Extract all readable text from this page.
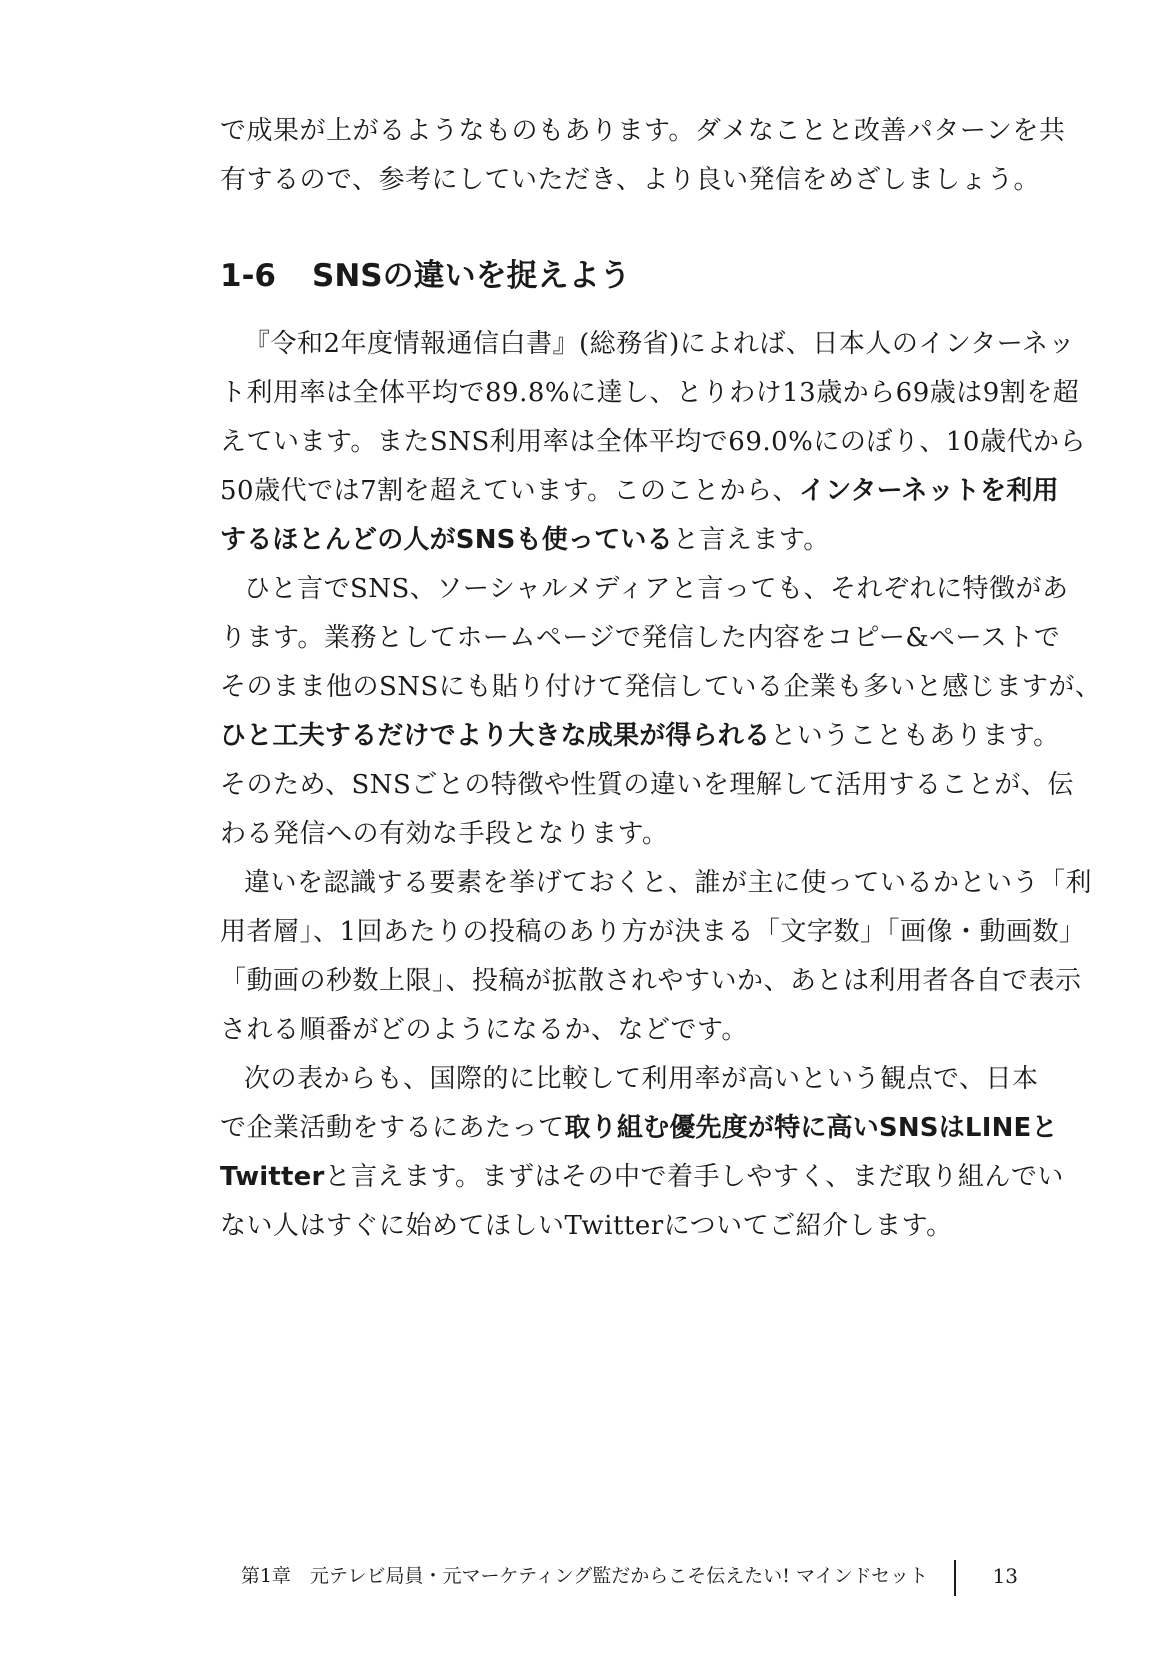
で成果が上がるようなものもあります。ダメなことと改善パターンを共
有するので、参考にしていただき、より良い発信をめざしましょう。
1-6 SNSの違いを捉えよう
『令和2年度情報通信白書』(総務省)によれば、日本人のインターネッ
ト利用率は全体平均で89.8%に達し、とりわけ13歳から69歳は9割を超
えています。またSNS利用率は全体平均で69.0%にのぼり、10歳代から
50歳代では7割を超えています。このことから、インターネットを利用
するほとんどの人がSNSも使っていると言えます。
ひと言でSNS、ソーシャルメディアと言っても、それぞれに特徴があ
ります。業務としてホームページで発信した内容をコピー&ペーストで
そのまま他のSNSにも貼り付けて発信している企業も多いと感じますが、
ひと工夫するだけでより大きな成果が得られるということもあります。
そのため、SNSごとの特徴や性質の違いを理解して活用することが、伝
わる発信への有効な手段となります。
違いを認識する要素を挙げておくと、誰が主に使っているかという「利
用者層」、1回あたりの投稿のあり方が決まる「文字数」「画像・動画数」
「動画の秒数上限」、投稿が拡散されやすいか、あとは利用者各自で表示
される順番がどのようになるか、などです。
次の表からも、国際的に比較して利用率が高いという観点で、日本
で企業活動をするにあたって取り組む優先度が特に高いSNSはLINEと
Twitterと言えます。まずはその中で着手しやすく、まだ取り組んでい
ない人はすぐに始めてほしいTwitterについてご紹介します。
第1章　元テレビ局員・元マーケティング監だからこそ伝えたい! マインドセット	13
